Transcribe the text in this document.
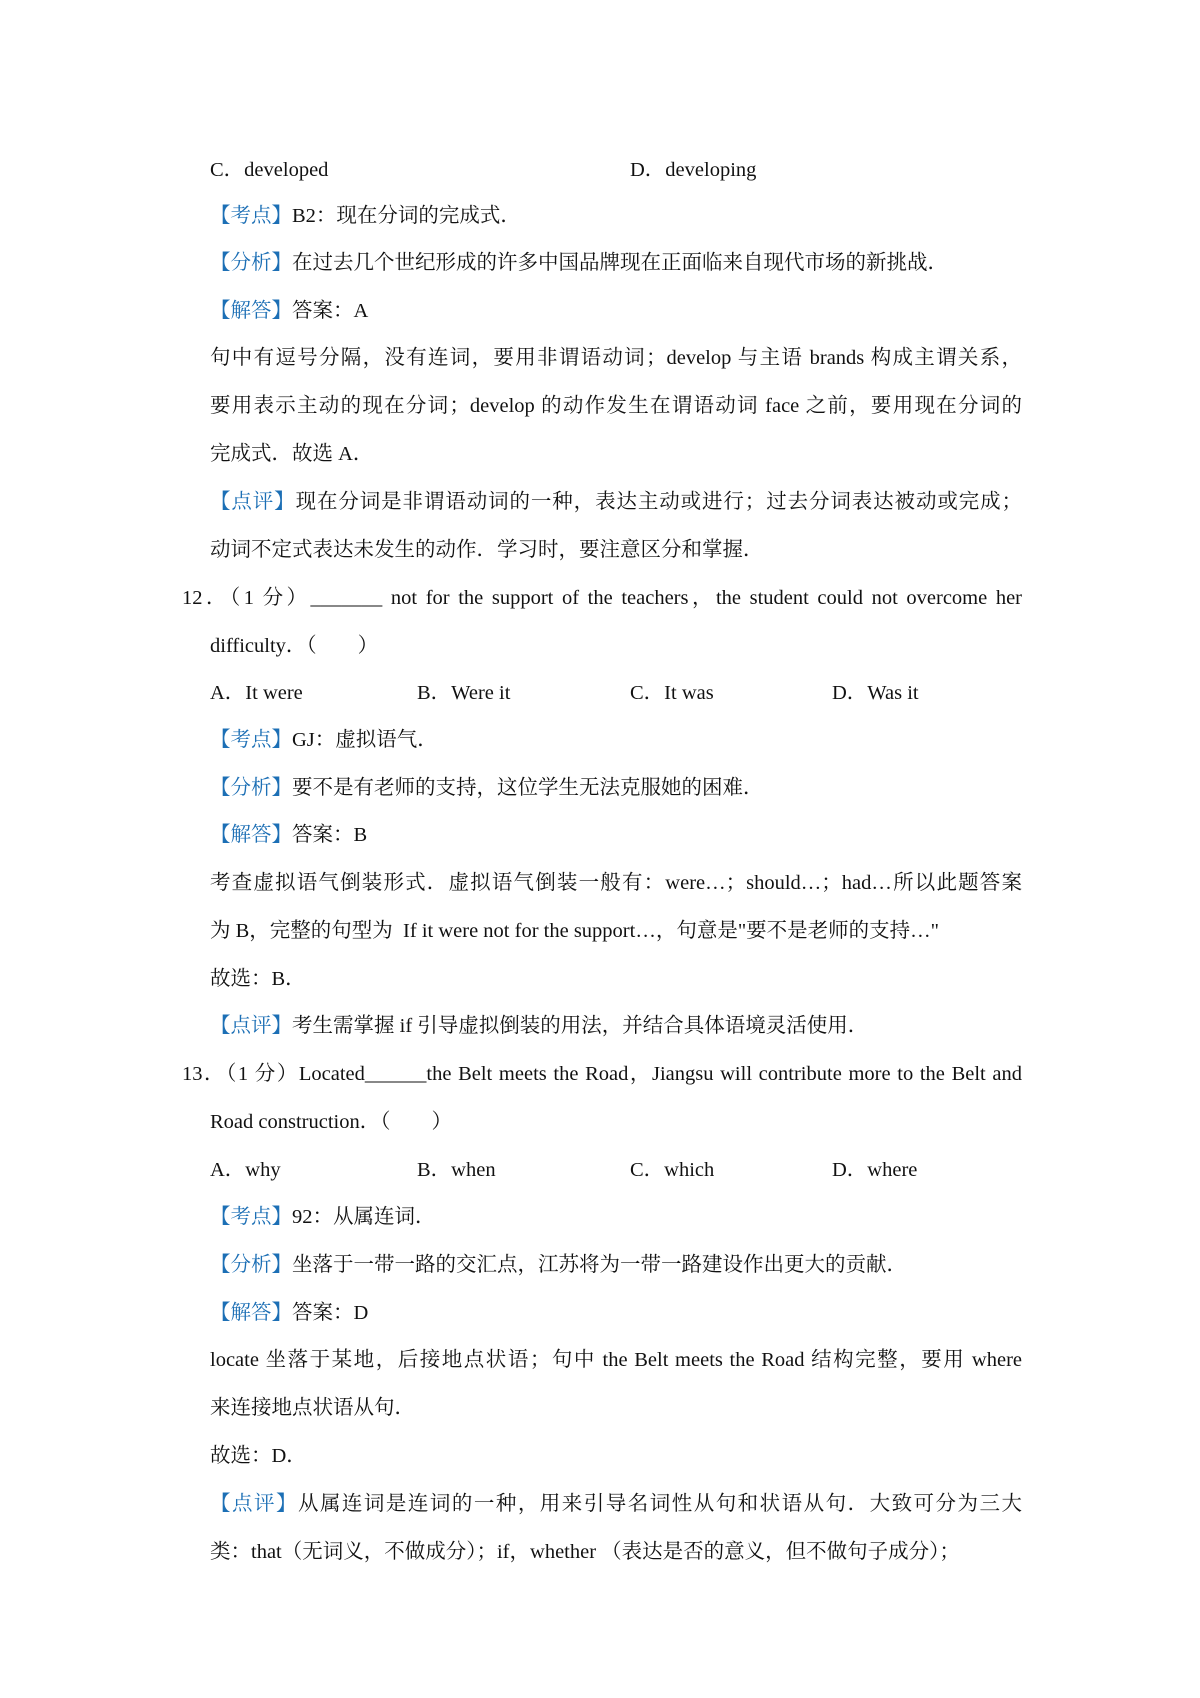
C．developed	D．developing
【考点】B2：现在分词的完成式．
【分析】在过去几个世纪形成的许多中国品牌现在正面临来自现代市场的新挑战．
【解答】答案：A
句中有逗号分隔，没有连词，要用非谓语动词；develop 与主语 brands 构成主谓关系，
要用表示主动的现在分词；develop 的动作发生在谓语动词 face 之前，要用现在分词的
完成式．故选 A．
【点评】现在分词是非谓语动词的一种，表达主动或进行；过去分词表达被动或完成；
动词不定式表达未发生的动作．学习时，要注意区分和掌握．
12．（1 分）_______ not for the support of the teachers，the student could not overcome her
difficulty．（　　）
A．It were	B．Were it	C．It was	D．Was it
【考点】GJ：虚拟语气．
【分析】要不是有老师的支持，这位学生无法克服她的困难．
【解答】答案：B
考查虚拟语气倒装形式．虚拟语气倒装一般有：were…；should…；had…所以此题答案
为 B，完整的句型为  If it were not for the support…，句意是"要不是老师的支持…"
故选：B．
【点评】考生需掌握 if 引导虚拟倒装的用法，并结合具体语境灵活使用．
13．（1 分）Located______the Belt meets the Road，Jiangsu will contribute more to the Belt and
Road construction．（　　）
A．why	B．when	C．which	D．where
【考点】92：从属连词．
【分析】坐落于一带一路的交汇点，江苏将为一带一路建设作出更大的贡献．
【解答】答案：D
locate 坐落于某地，后接地点状语；句中 the Belt meets the Road 结构完整，要用 where
来连接地点状语从句．
故选：D．
【点评】从属连词是连词的一种，用来引导名词性从句和状语从句．大致可分为三大
类：that（无词义，不做成分）；if，whether （表达是否的意义，但不做句子成分）；
